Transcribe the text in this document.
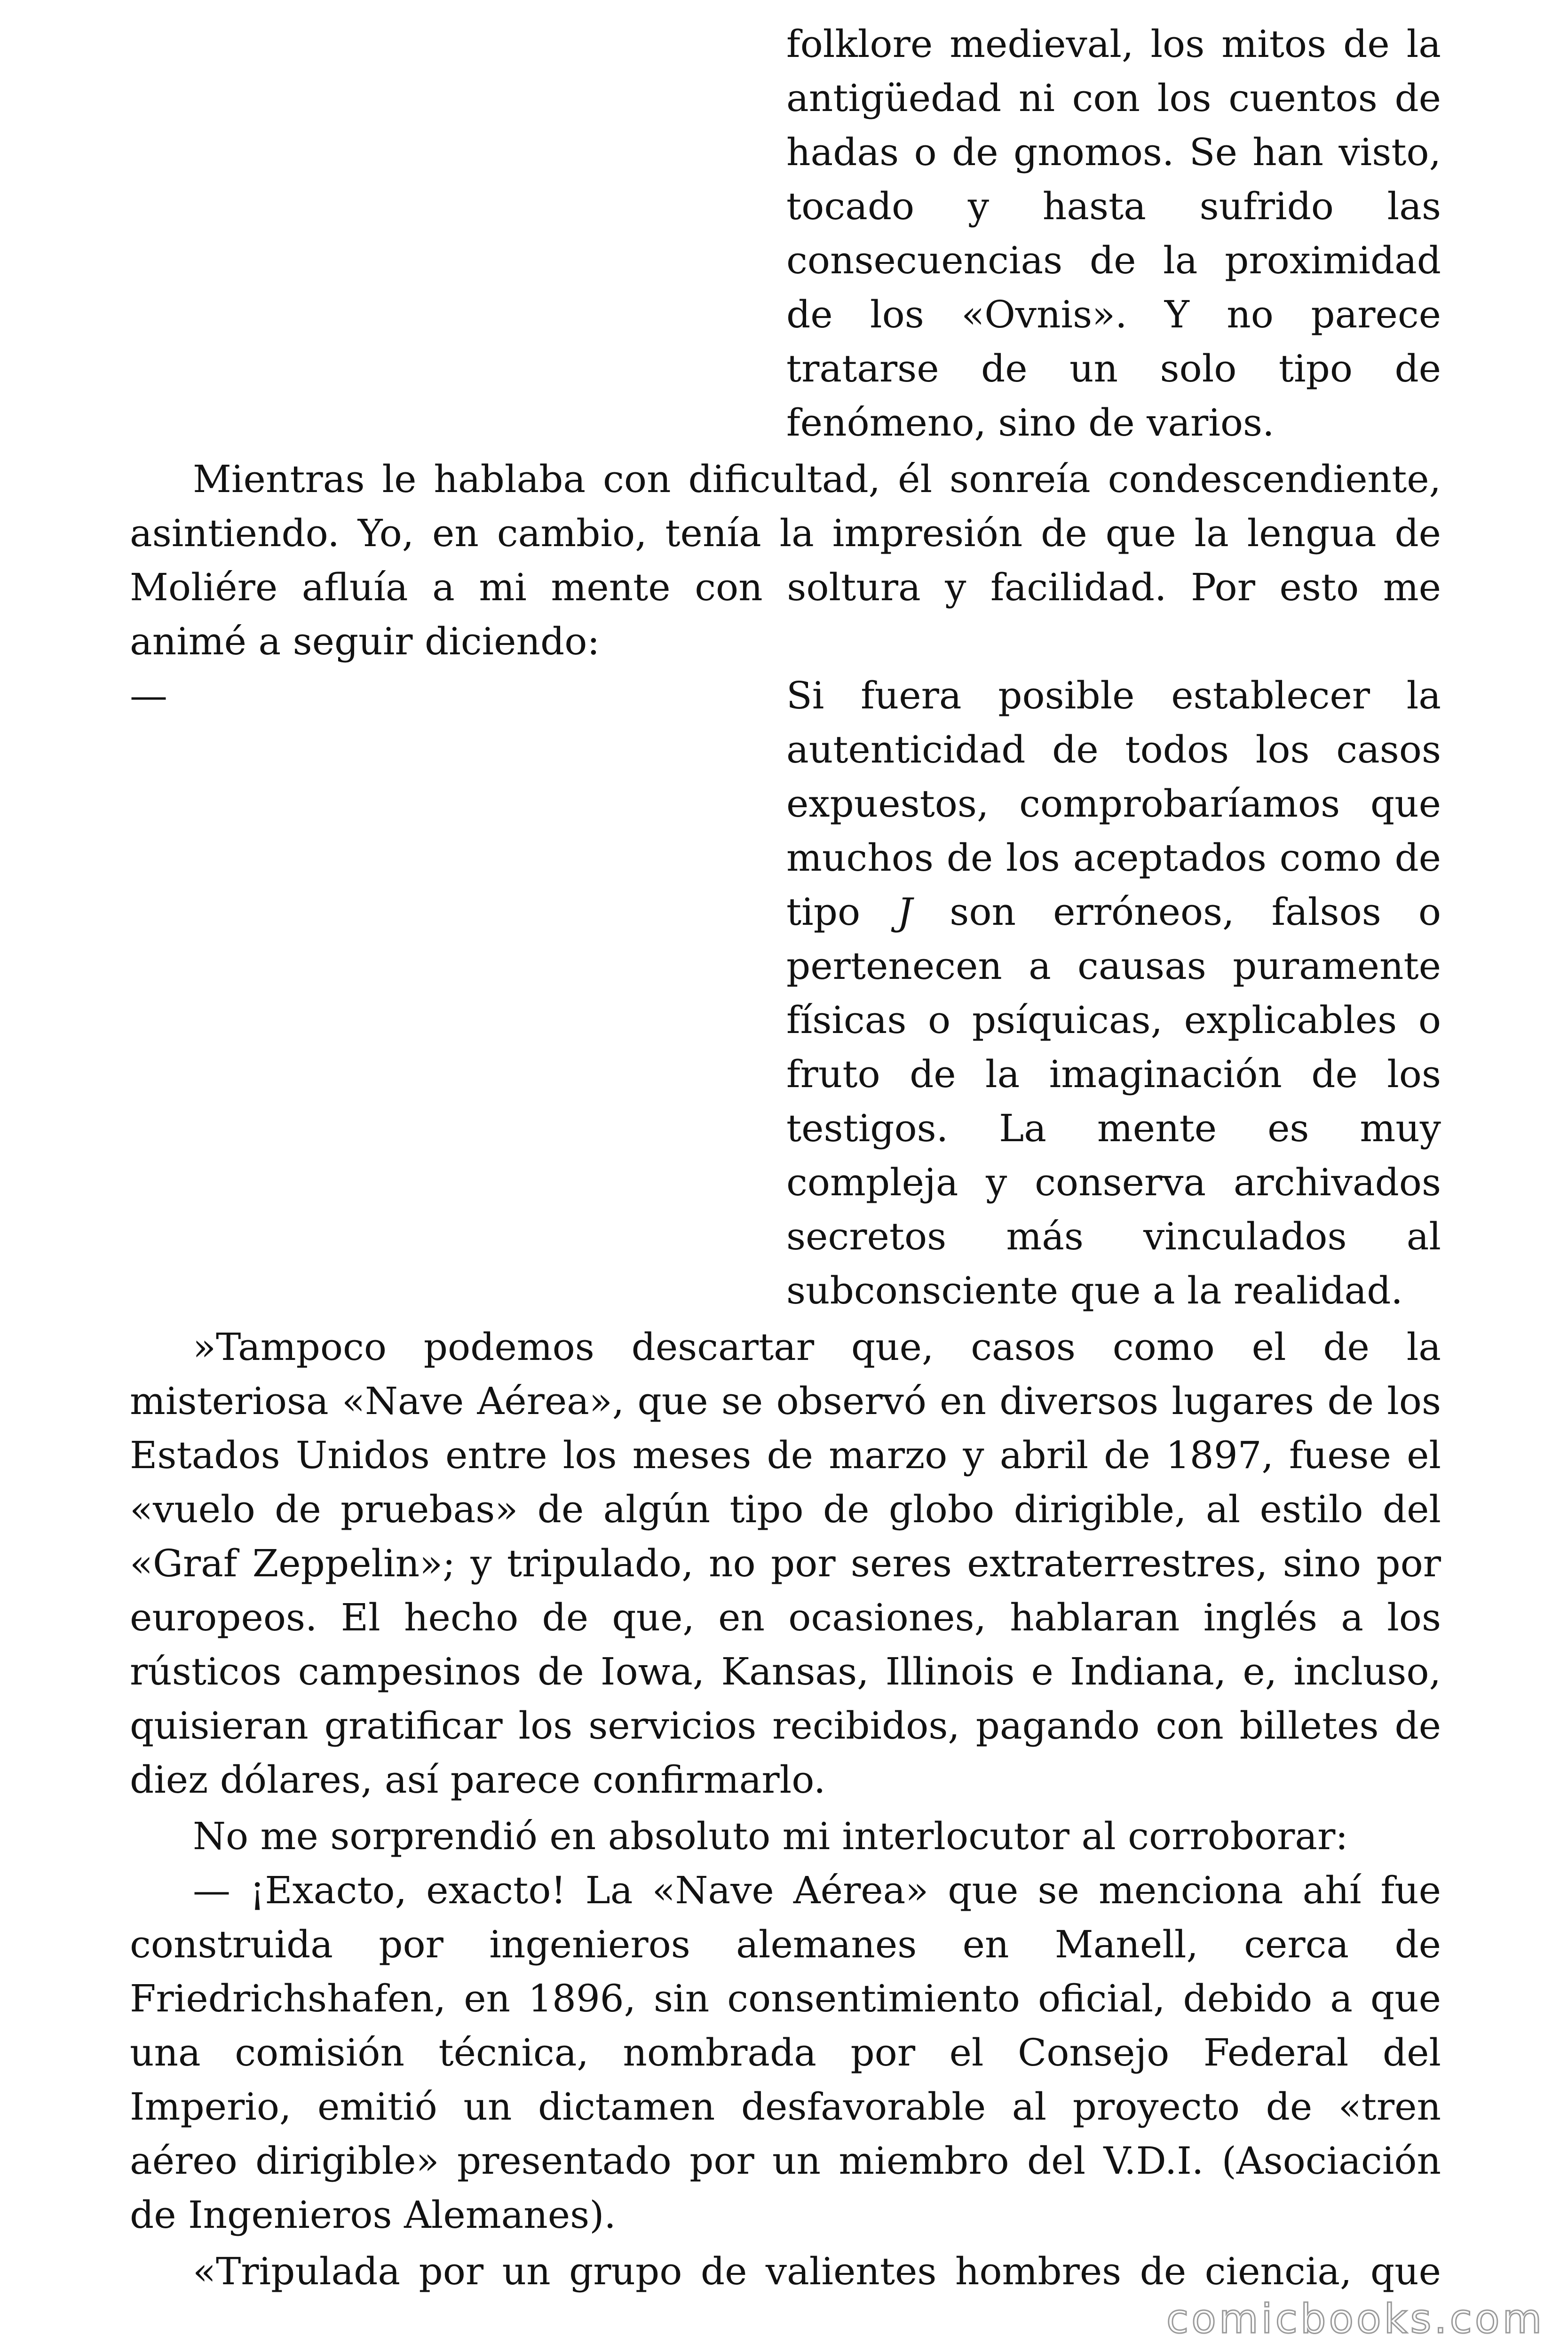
folklore medieval, los mitos de la
antigüedad ni con los cuentos de
hadas o de gnomos. Se han visto,
tocado y hasta sufrido las
consecuencias de la proximidad
de los «Ovnis». Y no parece
tratarse de un solo tipo de
fenómeno, sino de varios.
Mientras le hablaba con dificultad, él sonreía condescendiente,
asintiendo. Yo, en cambio, tenía la impresión de que la lengua de
Moliére afluía a mi mente con soltura y facilidad. Por esto me
animé a seguir diciendo:
—	Si fuera posible establecer la
autenticidad de todos los casos
expuestos, comprobaríamos que
muchos de los aceptados como de
tipo J son erróneos, falsos o
pertenecen a causas puramente
físicas o psíquicas, explicables o
fruto de la imaginación de los
testigos. La mente es muy
compleja y conserva archivados
secretos más vinculados al
subconsciente que a la realidad.
»Tampoco podemos descartar que, casos como el de la
misteriosa «Nave Aérea», que se observó en diversos lugares de los
Estados Unidos entre los meses de marzo y abril de 1897, fuese el
«vuelo de pruebas» de algún tipo de globo dirigible, al estilo del
«Graf Zeppelin»; y tripulado, no por seres extraterrestres, sino por
europeos. El hecho de que, en ocasiones, hablaran inglés a los
rústicos campesinos de Iowa, Kansas, Illinois e Indiana, e, incluso,
quisieran gratificar los servicios recibidos, pagando con billetes de
diez dólares, así parece confirmarlo.
No me sorprendió en absoluto mi interlocutor al corroborar:
— ¡Exacto, exacto! La «Nave Aérea» que se menciona ahí fue
construida por ingenieros alemanes en Manell, cerca de
Friedrichshafen, en 1896, sin consentimiento oficial, debido a que
una comisión técnica, nombrada por el Consejo Federal del
Imperio, emitió un dictamen desfavorable al proyecto de «tren
aéreo dirigible» presentado por un miembro del V.D.I. (Asociación
de Ingenieros Alemanes).
«Tripulada por un grupo de valientes hombres de ciencia, que
comicbooks.com
